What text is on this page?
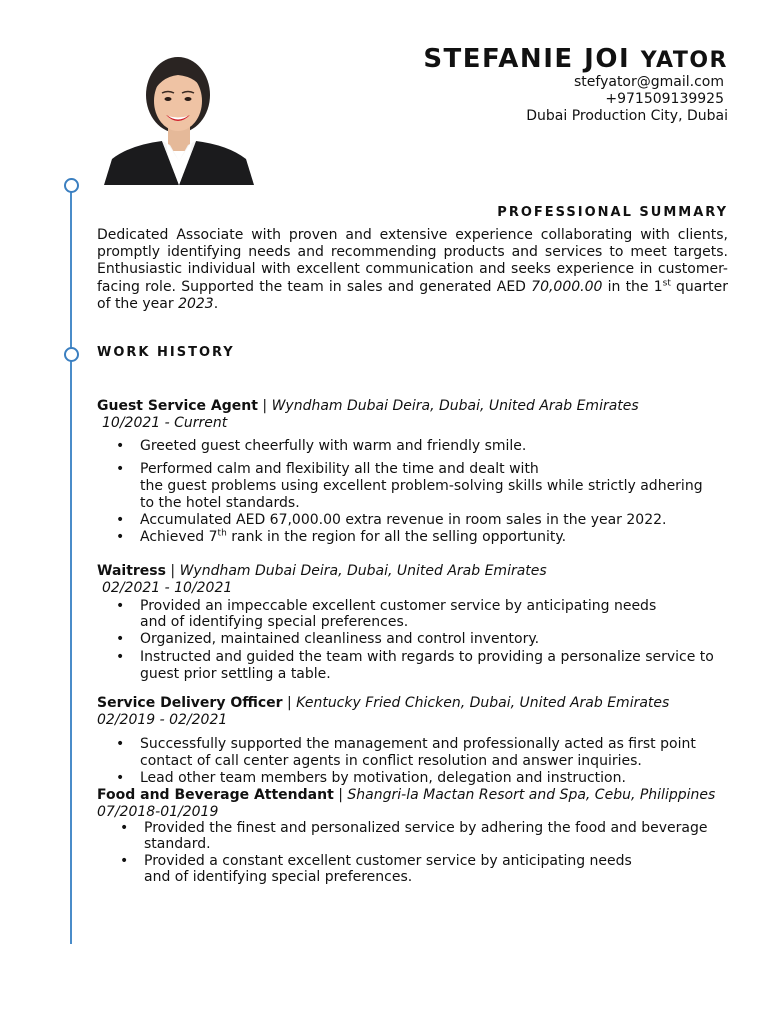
STEFANIE JOI YATOR
stefyator@gmail.com
+971509139925
Dubai Production City, Dubai
PROFESSIONAL SUMMARY
Dedicated Associate with proven and extensive experience collaborating with clients, promptly identifying needs and recommending products and services to meet targets. Enthusiastic individual with excellent communication and seeks experience in customer-facing role. Supported the team in sales and generated AED 70,000.00 in the 1st quarter of the year 2023.
WORK HISTORY
Guest Service Agent | Wyndham Dubai Deira, Dubai, United Arab Emirates
10/2021 - Current
• Greeted guest cheerfully with warm and friendly smile.
• Performed calm and flexibility all the time and dealt with
the guest problems using excellent problem-solving skills while strictly adhering
to the hotel standards.
• Accumulated AED 67,000.00 extra revenue in room sales in the year 2022.
• Achieved 7th rank in the region for all the selling opportunity.
Waitress | Wyndham Dubai Deira, Dubai, United Arab Emirates
02/2021 - 10/2021
• Provided an impeccable excellent customer service by anticipating needs
and of identifying special preferences.
• Organized, maintained cleanliness and control inventory.
• Instructed and guided the team with regards to providing a personalize service to
guest prior settling a table.
Service Delivery Officer | Kentucky Fried Chicken, Dubai, United Arab Emirates
02/2019 - 02/2021
• Successfully supported the management and professionally acted as first point
contact of call center agents in conflict resolution and answer inquiries.
• Lead other team members by motivation, delegation and instruction.
Food and Beverage Attendant | Shangri-la Mactan Resort and Spa, Cebu, Philippines
07/2018-01/2019
• Provided the finest and personalized service by adhering the food and beverage
standard.
• Provided a constant excellent customer service by anticipating needs
and of identifying special preferences.
